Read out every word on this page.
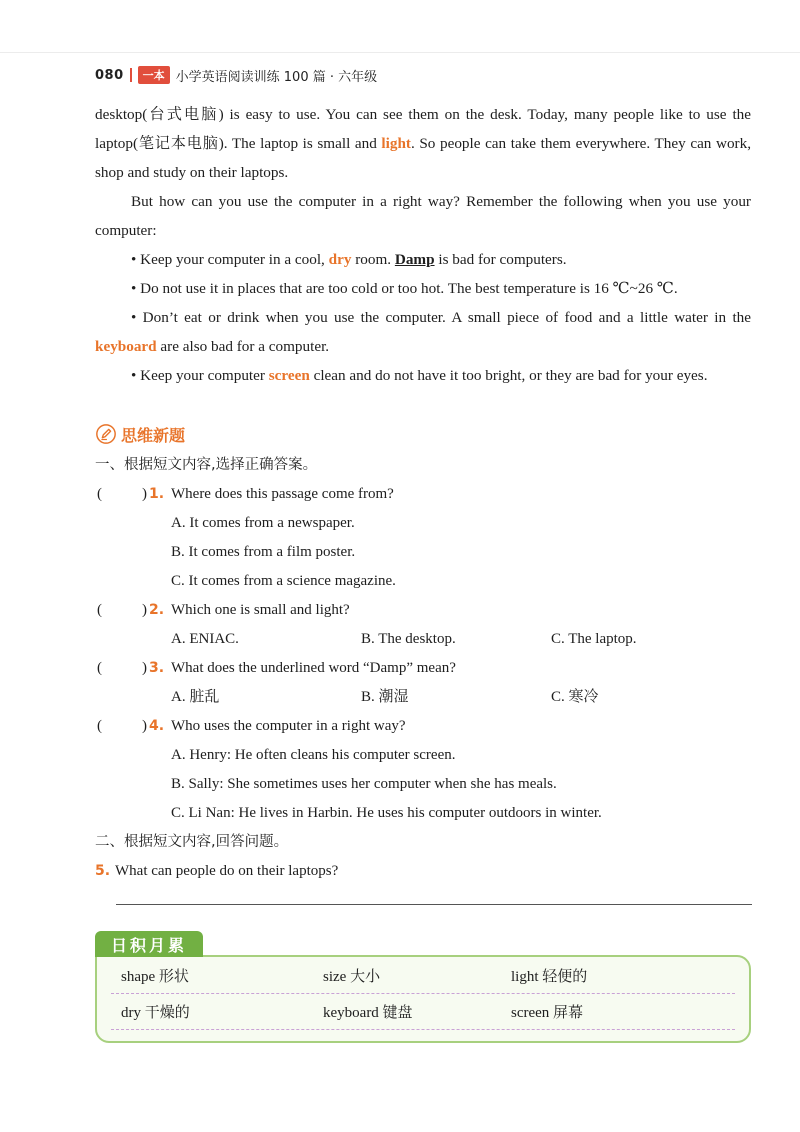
080	一本 小学英语阅读训练 100 篇 · 六年级

desktop(台式电脑) is easy to use. You can see them on the desk. Today, many people like to use the laptop(笔记本电脑). The laptop is small and light. So people can take them everywhere. They can work, shop and study on their laptops.

But how can you use the computer in a right way? Remember the following when you use your computer:

• Keep your computer in a cool, dry room. Damp is bad for computers.

• Do not use it in places that are too cold or too hot. The best temperature is 16 ℃~26 ℃.

• Don’t eat or drink when you use the computer. A small piece of food and a little water in the keyboard are also bad for a computer.

• Keep your computer screen clean and do not have it too bright, or they are bad for your eyes.

思维新题
一、根据短文内容,选择正确答案。
(	) 1. Where does this passage come from?
A. It comes from a newspaper.
B. It comes from a film poster.
C. It comes from a science magazine.
(	) 2. Which one is small and light?
A. ENIAC.	B. The desktop.	C. The laptop.
(	) 3. What does the underlined word “Damp” mean?
A. 脏乱	B. 潮湿	C. 寒冷
(	) 4. Who uses the computer in a right way?
A. Henry: He often cleans his computer screen.
B. Sally: She sometimes uses her computer when she has meals.
C. Li Nan: He lives in Harbin. He uses his computer outdoors in winter.
二、根据短文内容,回答问题。
5. What can people do on their laptops?
shape 形状	size 大小	light 轻便的
dry 干燥的	keyboard 键盘	screen 屏幕
日积月累
